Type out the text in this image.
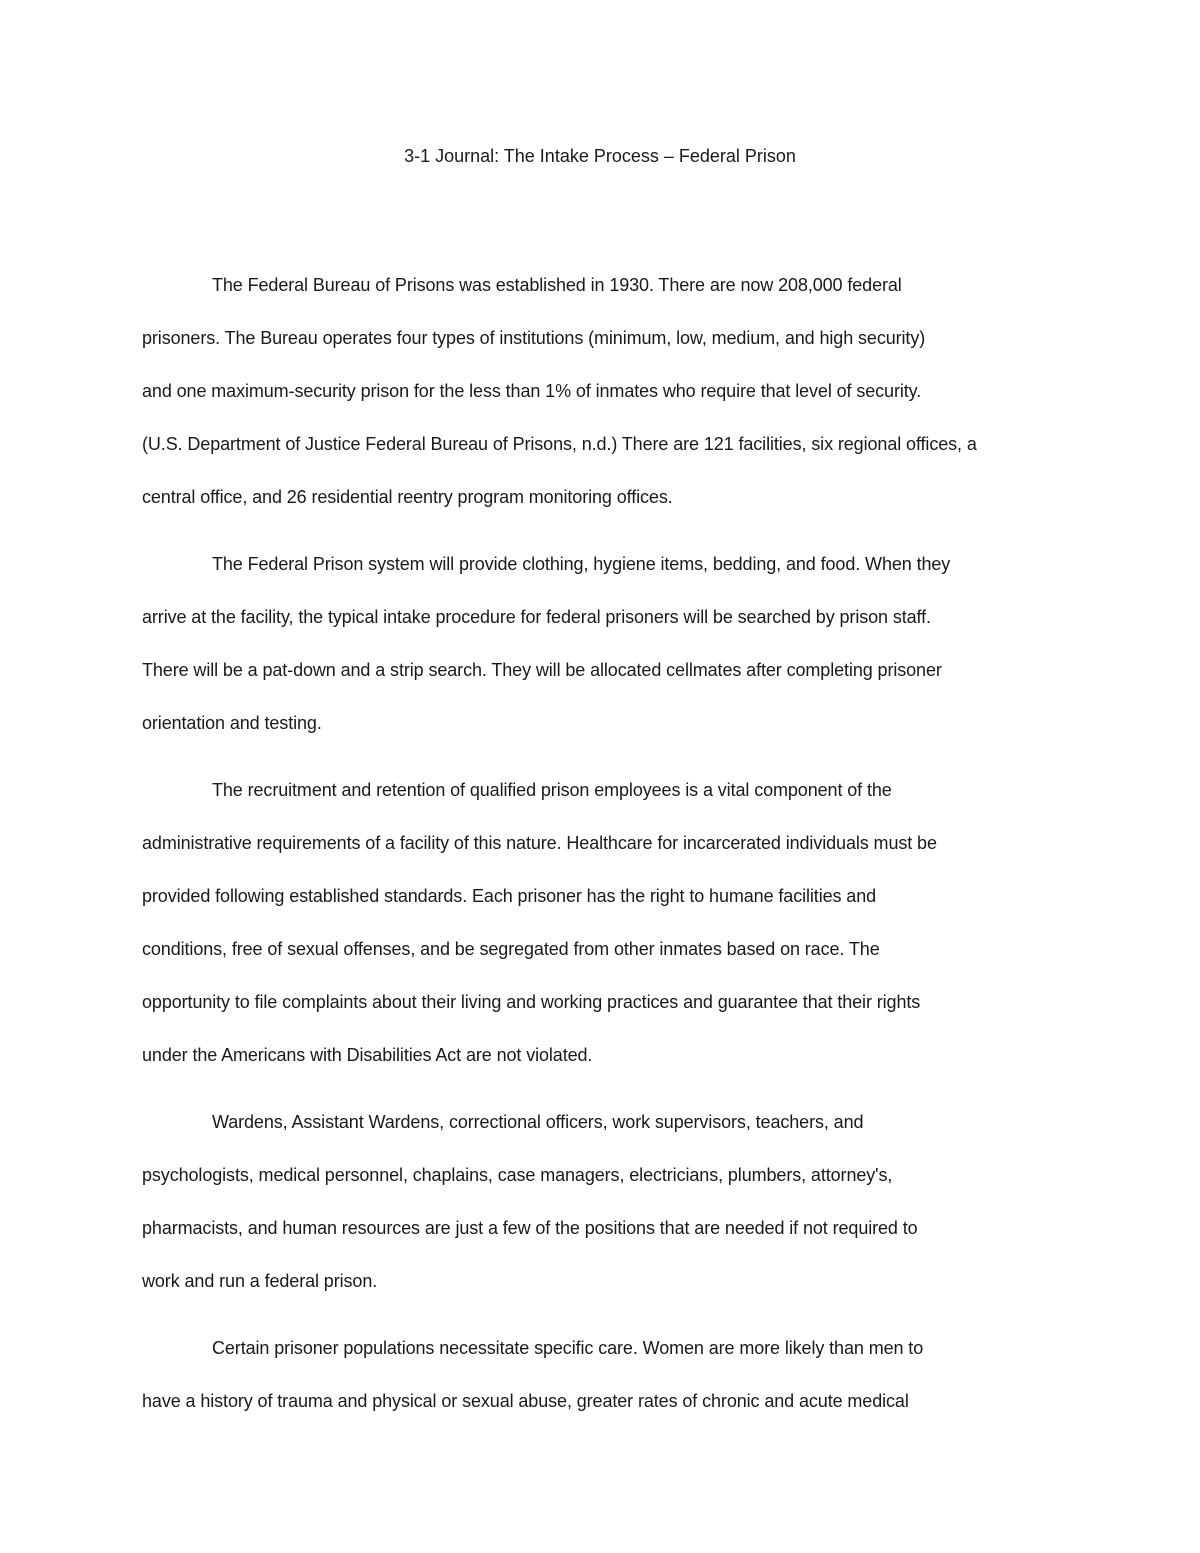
3-1 Journal: The Intake Process – Federal Prison
The Federal Bureau of Prisons was established in 1930. There are now 208,000 federal
prisoners. The Bureau operates four types of institutions (minimum, low, medium, and high security)
and one maximum-security prison for the less than 1% of inmates who require that level of security.
(U.S. Department of Justice Federal Bureau of Prisons, n.d.) There are 121 facilities, six regional offices, a
central office, and 26 residential reentry program monitoring offices.
The Federal Prison system will provide clothing, hygiene items, bedding, and food. When they
arrive at the facility, the typical intake procedure for federal prisoners will be searched by prison staff.
There will be a pat-down and a strip search. They will be allocated cellmates after completing prisoner
orientation and testing.
The recruitment and retention of qualified prison employees is a vital component of the
administrative requirements of a facility of this nature. Healthcare for incarcerated individuals must be
provided following established standards. Each prisoner has the right to humane facilities and
conditions, free of sexual offenses, and be segregated from other inmates based on race. The
opportunity to file complaints about their living and working practices and guarantee that their rights
under the Americans with Disabilities Act are not violated.
Wardens, Assistant Wardens, correctional officers, work supervisors, teachers, and
psychologists, medical personnel, chaplains, case managers, electricians, plumbers, attorney's,
pharmacists, and human resources are just a few of the positions that are needed if not required to
work and run a federal prison.
Certain prisoner populations necessitate specific care. Women are more likely than men to
have a history of trauma and physical or sexual abuse, greater rates of chronic and acute medical
